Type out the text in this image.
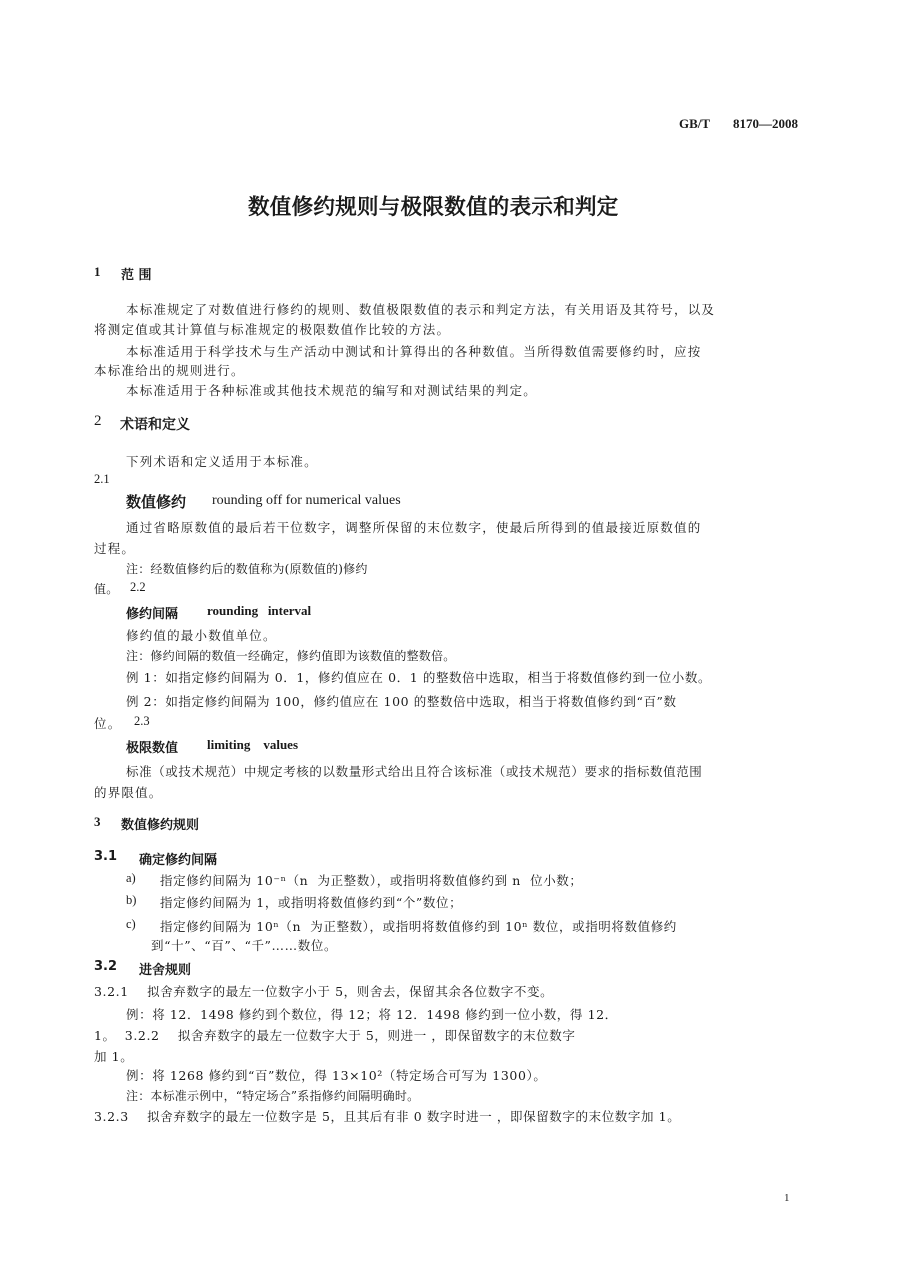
GB/T 8170—2008
数值修约规则与极限数值的表示和判定
1 范 围
本标准规定了对数值进行修约的规则、数值极限数值的表示和判定方法，有关用语及其符号，以及
将测定值或其计算值与标准规定的极限数值作比较的方法。
本标准适用于科学技术与生产活动中测试和计算得出的各种数值。当所得数值需要修约时，应按
本标准给出的规则进行。
本标准适用于各种标准或其他技术规范的编写和对测试结果的判定。
2 术语和定义
下列术语和定义适用于本标准。
2.1
数值修约 rounding off for numerical values
通过省略原数值的最后若干位数字，调整所保留的末位数字，使最后所得到的值最接近原数值的
过程。
注：经数值修约后的数值称为(原数值的)修约
值。 2.2
修约间隔 rounding   interval
修约值的最小数值单位。
注：修约间隔的数值一经确定，修约值即为该数值的整数倍。
例 1：如指定修约间隔为 0．1，修约值应在 0．1 的整数倍中选取，相当于将数值修约到一位小数。
例 2：如指定修约间隔为 100，修约值应在 100 的整数倍中选取，相当于将数值修约到“百”数
位。 2.3
极限数值 limiting    values
标准（或技术规范）中规定考核的以数量形式给出且符合该标准（或技术规范）要求的指标数值范围
的界限值。
3 数值修约规则
3.1 确定修约间隔
a) 指定修约间隔为 10⁻ⁿ（n  为正整数），或指明将数值修约到 n  位小数；
b) 指定修约间隔为 1，或指明将数值修约到“个”数位；
c) 指定修约间隔为 10ⁿ（n  为正整数），或指明将数值修约到 10ⁿ 数位，或指明将数值修约
到“十”、“百”、“千”……数位。
3.2 进舍规则
3.2.1    拟舍弃数字的最左一位数字小于 5，则舍去，保留其余各位数字不变。
例：将 12．1498 修约到个数位，得 12；将 12．1498 修约到一位小数，得 12．
1。  3.2.2    拟舍弃数字的最左一位数字大于 5，则进一 ，即保留数字的末位数字
加 1。
例：将 1268 修约到“百”数位，得 13×10²（特定场合可写为 1300）。
注：本标准示例中，“特定场合”系指修约间隔明确时。
3.2.3    拟舍弃数字的最左一位数字是 5，且其后有非 0 数字时进一 ，即保留数字的末位数字加 1。
1
